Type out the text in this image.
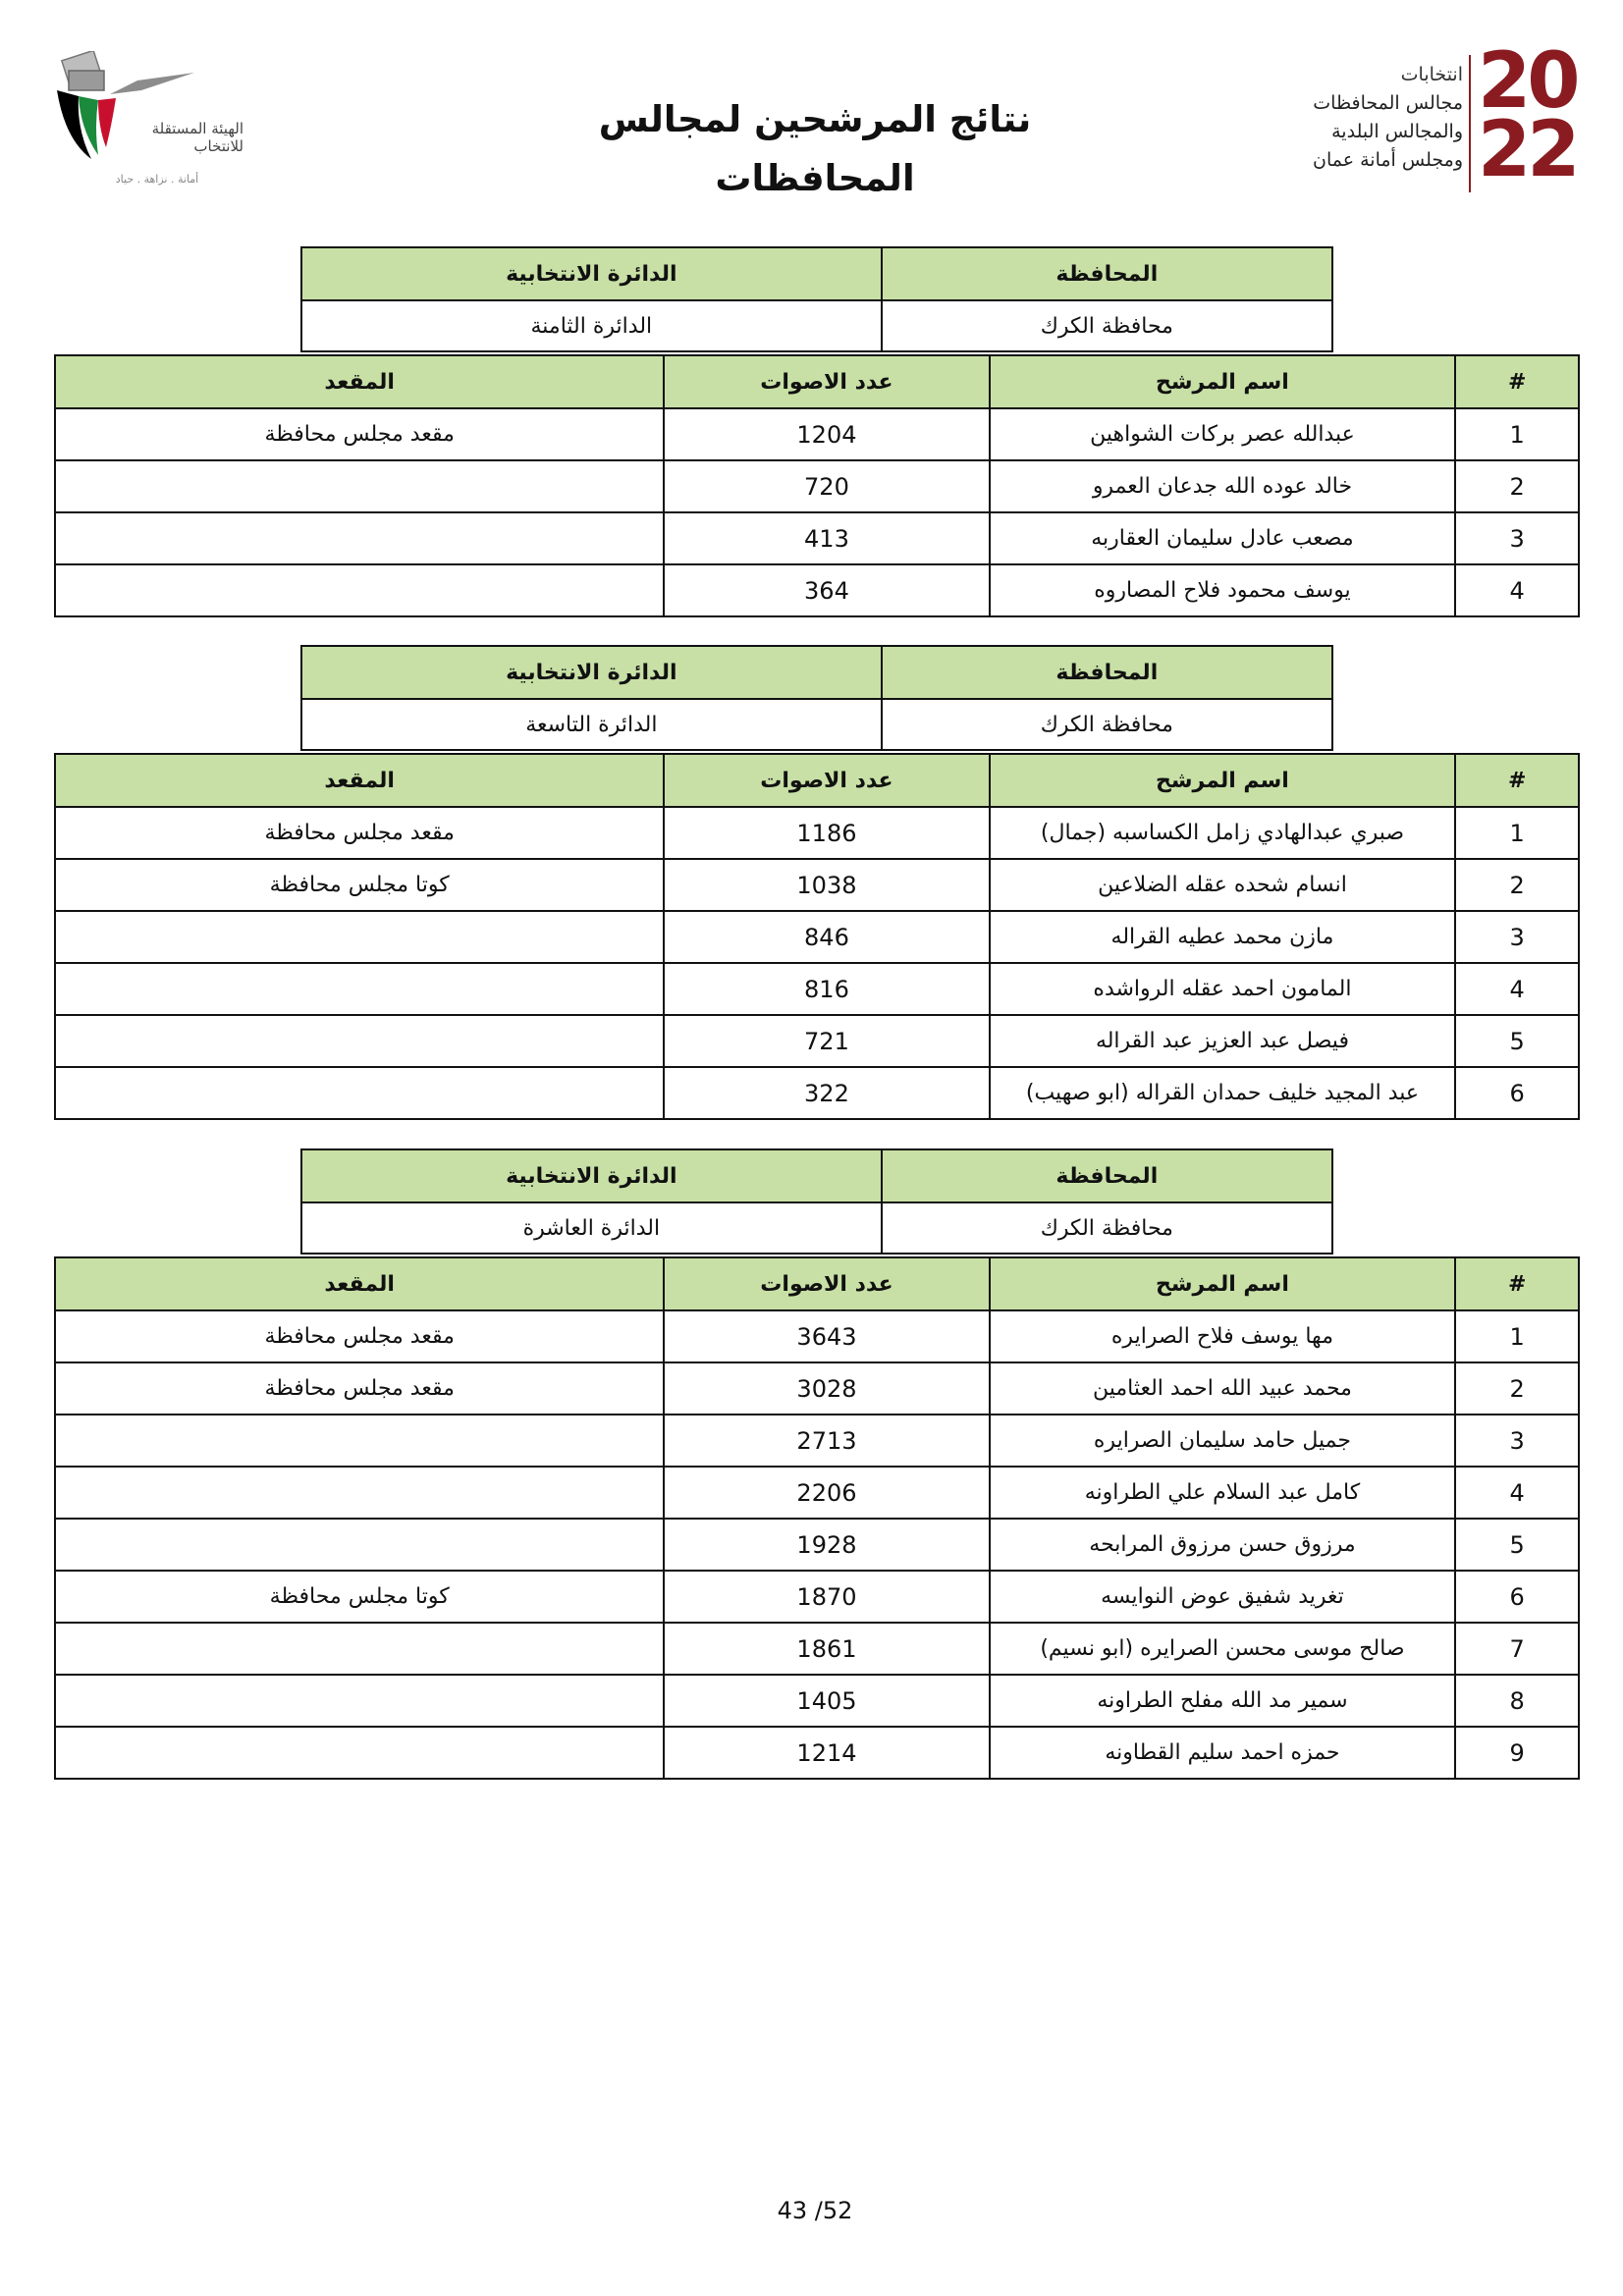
الهيئة المستقلة
للانتخاب
أمانة . نزاهة . حياد
نتائج المرشحين لمجالس المحافظات
انتخابات
مجالس المحافظات
والمجالس البلدية
ومجلس أمانة عمان
20
22
المحافظة	الدائرة الانتخابية
محافظة الكرك	الدائرة الثامنة
#	اسم المرشح	عدد الاصوات	المقعد
1	عبدالله عصر بركات الشواهين	1204	مقعد مجلس محافظة
2	خالد عوده الله جدعان العمرو	720	
3	مصعب عادل سليمان العقاربه	413	
4	يوسف محمود فلاح المصاروه	364	
المحافظة	الدائرة الانتخابية
محافظة الكرك	الدائرة التاسعة
#	اسم المرشح	عدد الاصوات	المقعد
1	صبري عبدالهادي زامل الكساسبه (جمال)	1186	مقعد مجلس محافظة
2	انسام شحده عقله الضلاعين	1038	كوتا مجلس محافظة
3	مازن محمد عطيه القراله	846	
4	المامون احمد عقله الرواشده	816	
5	فيصل عبد العزيز عبد القراله	721	
6	عبد المجيد خليف حمدان القراله (ابو صهيب)	322	
المحافظة	الدائرة الانتخابية
محافظة الكرك	الدائرة العاشرة
#	اسم المرشح	عدد الاصوات	المقعد
1	مها يوسف فلاح الصرايره	3643	مقعد مجلس محافظة
2	محمد عبيد الله احمد العثامين	3028	مقعد مجلس محافظة
3	جميل حامد سليمان الصرايره	2713	
4	كامل عبد السلام علي الطراونه	2206	
5	مرزوق حسن مرزوق المرابحه	1928	
6	تغريد شفيق عوض النوايسه	1870	كوتا مجلس محافظة
7	صالح موسى محسن الصرايره (ابو نسيم)	1861	
8	سمير مد الله مفلح الطراونه	1405	
9	حمزه احمد سليم القطاونه	1214	
43 /52
